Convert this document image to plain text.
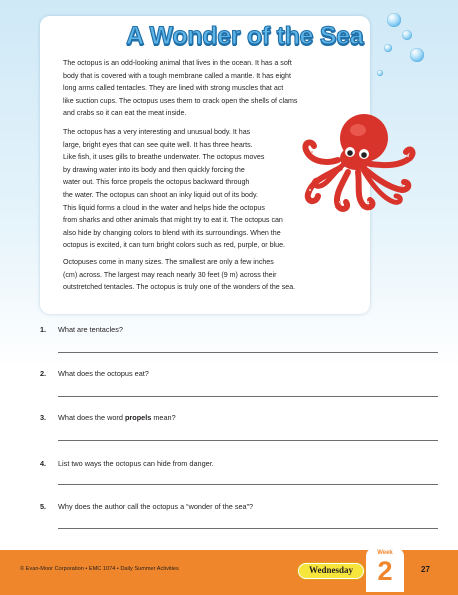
A Wonder of the Sea
The octopus is an odd-looking animal that lives in the ocean. It has a soft
body that is covered with a tough membrane called a mantle. It has eight
long arms called tentacles. They are lined with strong muscles that act
like suction cups. The octopus uses them to crack open the shells of clams
and crabs so it can eat the meat inside.
The octopus has a very interesting and unusual body. It has
large, bright eyes that can see quite well. It has three hearts.
Like fish, it uses gills to breathe underwater. The octopus moves
by drawing water into its body and then quickly forcing the
water out. This force propels the octopus backward through
the water. The octopus can shoot an inky liquid out of its body.
This liquid forms a cloud in the water and helps hide the octopus
from sharks and other animals that might try to eat it. The octopus can
also hide by changing colors to blend with its surroundings. When the
octopus is excited, it can turn bright colors such as red, purple, or blue.
Octopuses come in many sizes. The smallest are only a few inches
(cm) across. The largest may reach nearly 30 feet (9 m) across their
outstretched tentacles. The octopus is truly one of the wonders of the sea.
1. What are tentacles?
2. What does the octopus eat?
3. What does the word propels mean?
4. List two ways the octopus can hide from danger.
5. Why does the author call the octopus a “wonder of the sea”?
© Evan-Moor Corporation • EMC 1074 • Daily Summer Activities	Wednesday
Week
2	27
